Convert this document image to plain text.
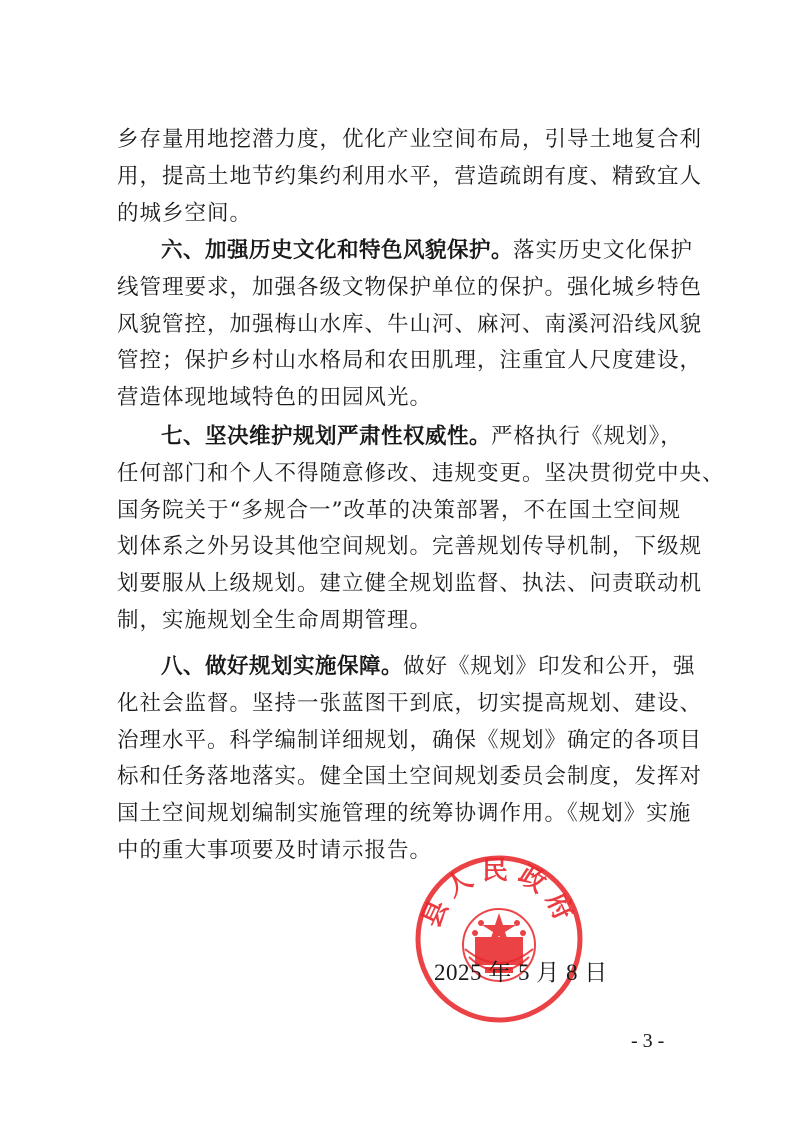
乡存量用地挖潜力度，优化产业空间布局，引导土地复合利
用，提高土地节约集约利用水平，营造疏朗有度、精致宜人
的城乡空间。

六、加强历史文化和特色风貌保护。落实历史文化保护
线管理要求，加强各级文物保护单位的保护。强化城乡特色
风貌管控，加强梅山水库、牛山河、麻河、南溪河沿线风貌
管控；保护乡村山水格局和农田肌理，注重宜人尺度建设，
营造体现地域特色的田园风光。

七、坚决维护规划严肃性权威性。严格执行《规划》，
任何部门和个人不得随意修改、违规变更。坚决贯彻党中央、
国务院关于“多规合一”改革的决策部署，不在国土空间规
划体系之外另设其他空间规划。完善规划传导机制，下级规
划要服从上级规划。建立健全规划监督、执法、问责联动机
制，实施规划全生命周期管理。

八、做好规划实施保障。做好《规划》印发和公开，强
化社会监督。坚持一张蓝图干到底，切实提高规划、建设、
治理水平。科学编制详细规划，确保《规划》确定的各项目
标和任务落地落实。健全国土空间规划委员会制度，发挥对
国土空间规划编制实施管理的统筹协调作用。《规划》实施
中的重大事项要及时请示报告。

县人民政府
2025 年 5 月 8 日
- 3 -
